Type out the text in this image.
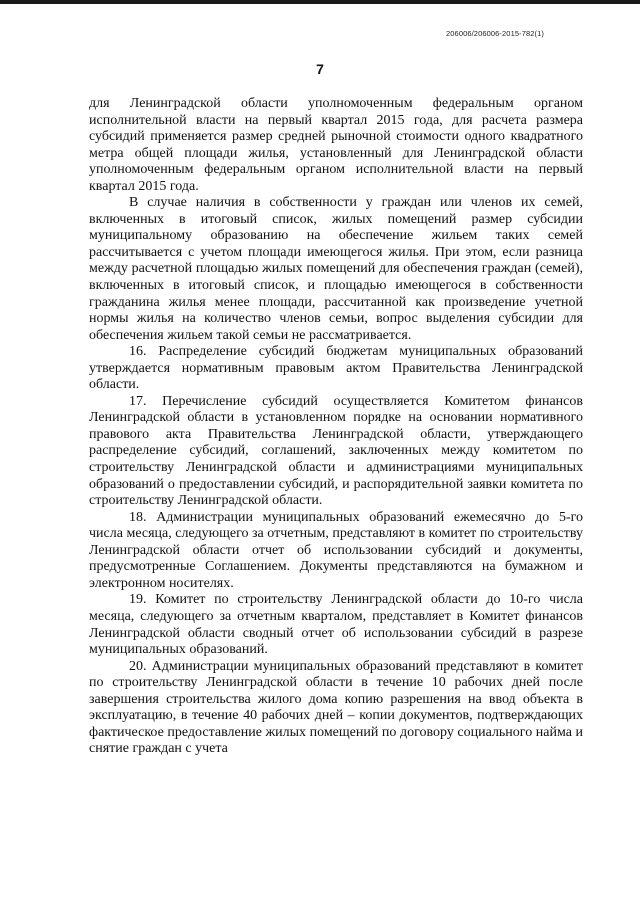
206006/206006-2015-782(1)
7

для Ленинградской области уполномоченным федеральным органом исполнительной власти на первый квартал 2015 года, для расчета размера субсидий применяется размер средней рыночной стоимости одного квадратного метра общей площади жилья, установленный для Ленинградской области уполномоченным федеральным органом исполнительной власти на первый квартал 2015 года.

В случае наличия в собственности у граждан или членов их семей, включенных в итоговый список, жилых помещений размер субсидии муниципальному образованию на обеспечение жильем таких семей рассчитывается с учетом площади имеющегося жилья. При этом, если разница между расчетной площадью жилых помещений для обеспечения граждан (семей), включенных в итоговый список, и площадью имеющегося в собственности гражданина жилья менее площади, рассчитанной как произведение учетной нормы жилья на количество членов семьи, вопрос выделения субсидии для обеспечения жильем такой семьи не рассматривается.

16. Распределение субсидий бюджетам муниципальных образований утверждается нормативным правовым актом Правительства Ленинградской области.

17. Перечисление субсидий осуществляется Комитетом финансов Ленинградской области в установленном порядке на основании нормативного правового акта Правительства Ленинградской области, утверждающего распределение субсидий, соглашений, заключенных между комитетом по строительству Ленинградской области и администрациями муниципальных образований о предоставлении субсидий, и распорядительной заявки комитета по строительству Ленинградской области.

18. Администрации муниципальных образований ежемесячно до 5-го числа месяца, следующего за отчетным, представляют в комитет по строительству Ленинградской области отчет об использовании субсидий и документы, предусмотренные Соглашением. Документы представляются на бумажном и электронном носителях.

19. Комитет по строительству Ленинградской области до 10-го числа месяца, следующего за отчетным кварталом, представляет в Комитет финансов Ленинградской области сводный отчет об использовании субсидий в разрезе муниципальных образований.

20. Администрации муниципальных образований представляют в комитет по строительству Ленинградской области в течение 10 рабочих дней после завершения строительства жилого дома копию разрешения на ввод объекта в эксплуатацию, в течение 40 рабочих дней – копии документов, подтверждающих фактическое предоставление жилых помещений по договору социального найма и снятие граждан с учета
